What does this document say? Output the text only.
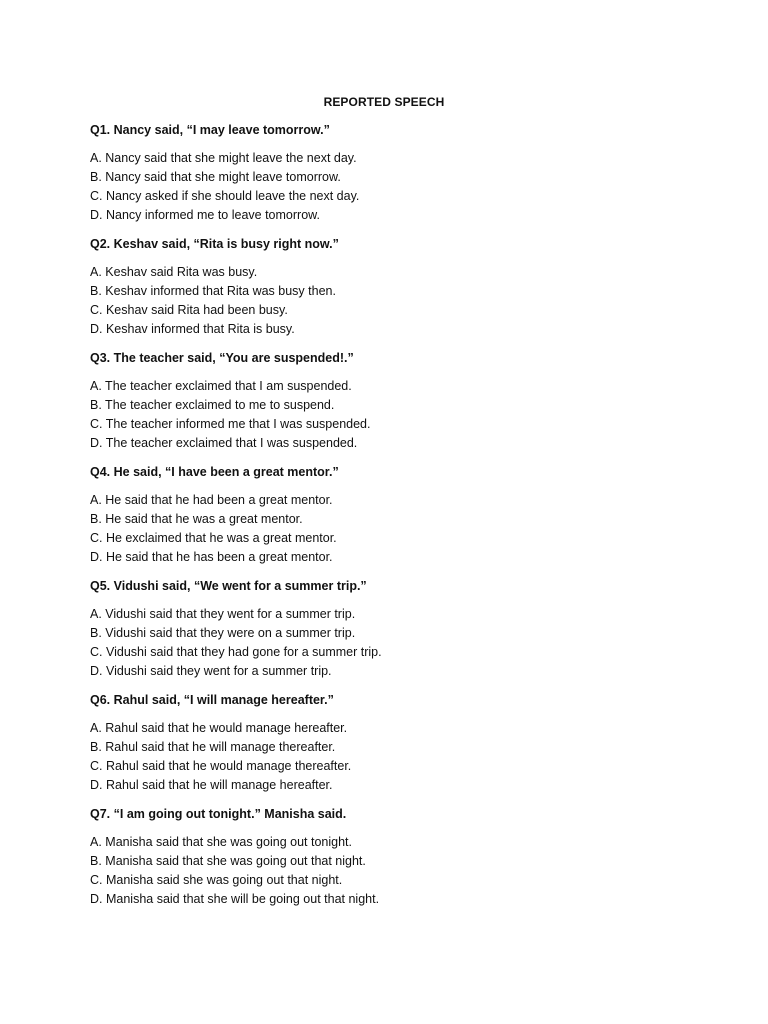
REPORTED SPEECH
Q1. Nancy said, “I may leave tomorrow.”
A. Nancy said that she might leave the next day.
B. Nancy said that she might leave tomorrow.
C. Nancy asked if she should leave the next day.
D. Nancy informed me to leave tomorrow.
Q2. Keshav said, “Rita is busy right now.”
A. Keshav said Rita was busy.
B. Keshav informed that Rita was busy then.
C. Keshav said Rita had been busy.
D. Keshav informed that Rita is busy.
Q3. The teacher said, “You are suspended!.”
A. The teacher exclaimed that I am suspended.
B. The teacher exclaimed to me to suspend.
C. The teacher informed me that I was suspended.
D. The teacher exclaimed that I was suspended.
Q4. He said, “I have been a great mentor.”
A. He said that he had been a great mentor.
B. He said that he was a great mentor.
C. He exclaimed that he was a great mentor.
D. He said that he has been a great mentor.
Q5. Vidushi said, “We went for a summer trip.”
A. Vidushi said that they went for a summer trip.
B. Vidushi said that they were on a summer trip.
C. Vidushi said that they had gone for a summer trip.
D. Vidushi said they went for a summer trip.
Q6. Rahul said, “I will manage hereafter.”
A. Rahul said that he would manage hereafter.
B. Rahul said that he will manage thereafter.
C. Rahul said that he would manage thereafter.
D. Rahul said that he will manage hereafter.
Q7. “I am going out tonight.” Manisha said.
A. Manisha said that she was going out tonight.
B. Manisha said that she was going out that night.
C. Manisha said she was going out that night.
D. Manisha said that she will be going out that night.
